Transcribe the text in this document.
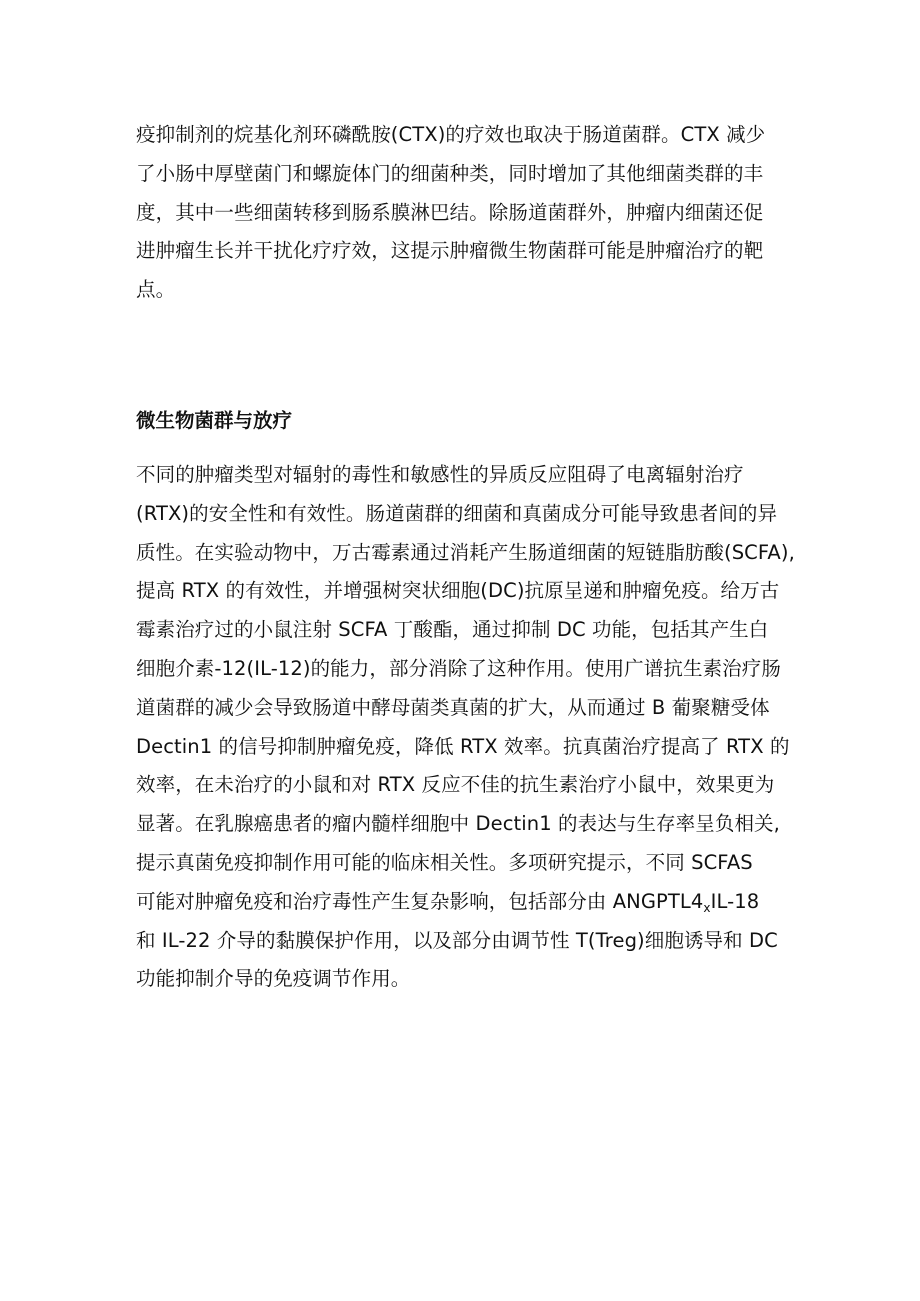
疫抑制剂的烷基化剂环磷酰胺(CTX)的疗效也取决于肠道菌群。CTX 减少
了小肠中厚壁菌门和螺旋体门的细菌种类，同时增加了其他细菌类群的丰
度，其中一些细菌转移到肠系膜淋巴结。除肠道菌群外，肿瘤内细菌还促
进肿瘤生长并干扰化疗疗效，这提示肿瘤微生物菌群可能是肿瘤治疗的靶
点。
微生物菌群与放疗
不同的肿瘤类型对辐射的毒性和敏感性的异质反应阻碍了电离辐射治疗
(RTX)的安全性和有效性。肠道菌群的细菌和真菌成分可能导致患者间的异
质性。在实验动物中，万古霉素通过消耗产生肠道细菌的短链脂肪酸(SCFA),
提高 RTX 的有效性，并增强树突状细胞(DC)抗原呈递和肿瘤免疫。给万古
霉素治疗过的小鼠注射 SCFA 丁酸酯，通过抑制 DC 功能，包括其产生白
细胞介素-12(IL-12)的能力，部分消除了这种作用。使用广谱抗生素治疗肠
道菌群的减少会导致肠道中酵母菌类真菌的扩大，从而通过 B 葡聚糖受体
Dectin1 的信号抑制肿瘤免疫，降低 RTX 效率。抗真菌治疗提高了 RTX 的
效率，在未治疗的小鼠和对 RTX 反应不佳的抗生素治疗小鼠中，效果更为
显著。在乳腺癌患者的瘤内髓样细胞中 Dectin1 的表达与生存率呈负相关,
提示真菌免疫抑制作用可能的临床相关性。多项研究提示，不同 SCFAS
可能对肿瘤免疫和治疗毒性产生复杂影响，包括部分由 $ANGPTL4_xIL-18$
和 IL-22 介导的黏膜保护作用，以及部分由调节性 T(Treg)细胞诱导和 DC
功能抑制介导的免疫调节作用。
